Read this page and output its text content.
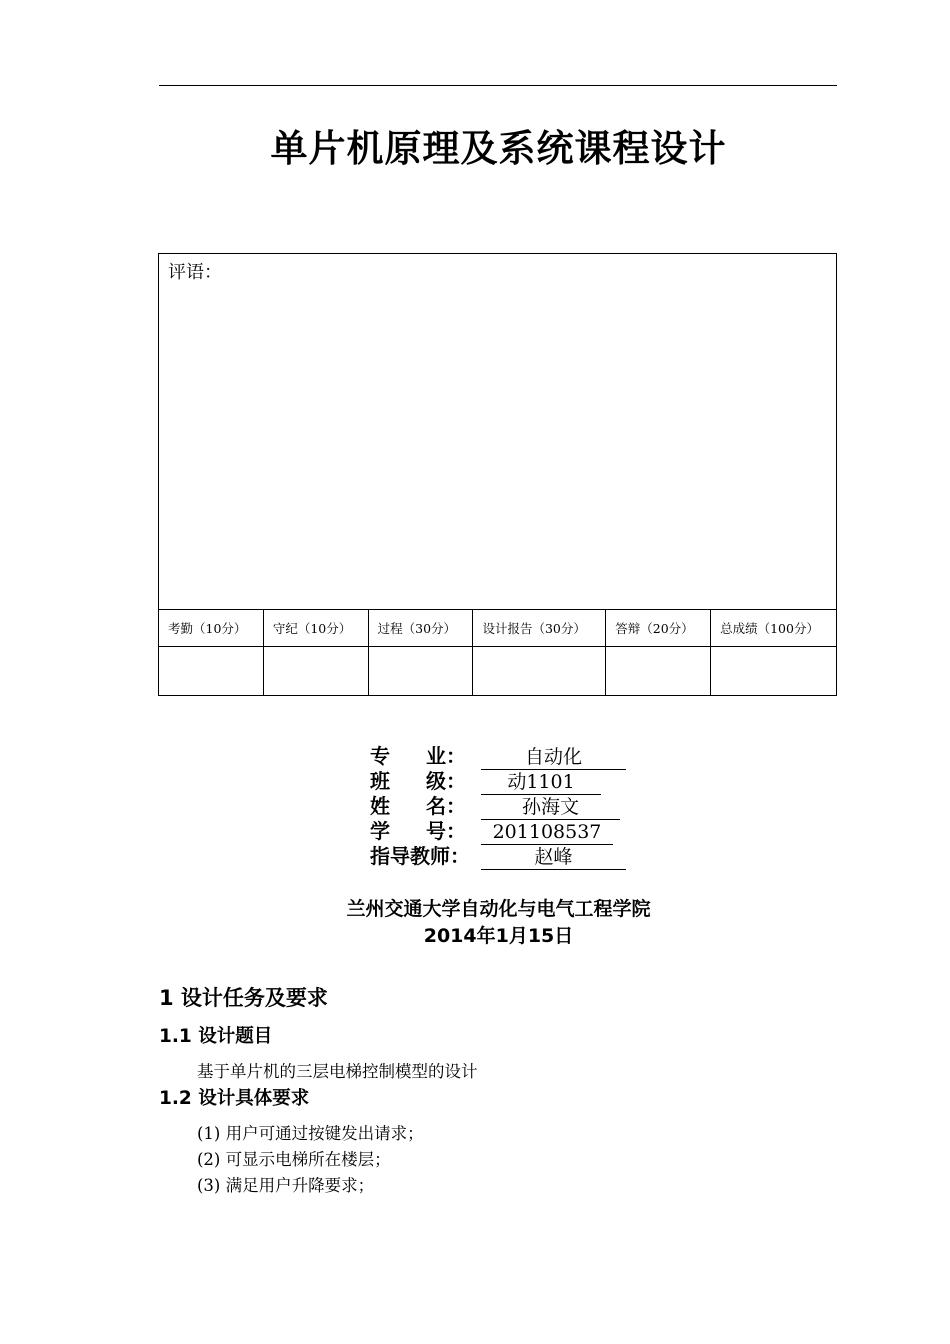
单片机原理及系统课程设计
评语：					

考勤（10分）	守纪（10分）	过程（30分）	设计报告（30分）	答辩（20分）	总成绩（100分）

专 业：	自动化
班 级：	动1101
姓 名：	孙海文
学 号：	201108537
指导教师：	赵峰
兰州交通大学自动化与电气工程学院
2014年1月15日
1 设计任务及要求
1.1 设计题目
基于单片机的三层电梯控制模型的设计
1.2 设计具体要求
(1) 用户可通过按键发出请求；
(2) 可显示电梯所在楼层；
(3) 满足用户升降要求；
